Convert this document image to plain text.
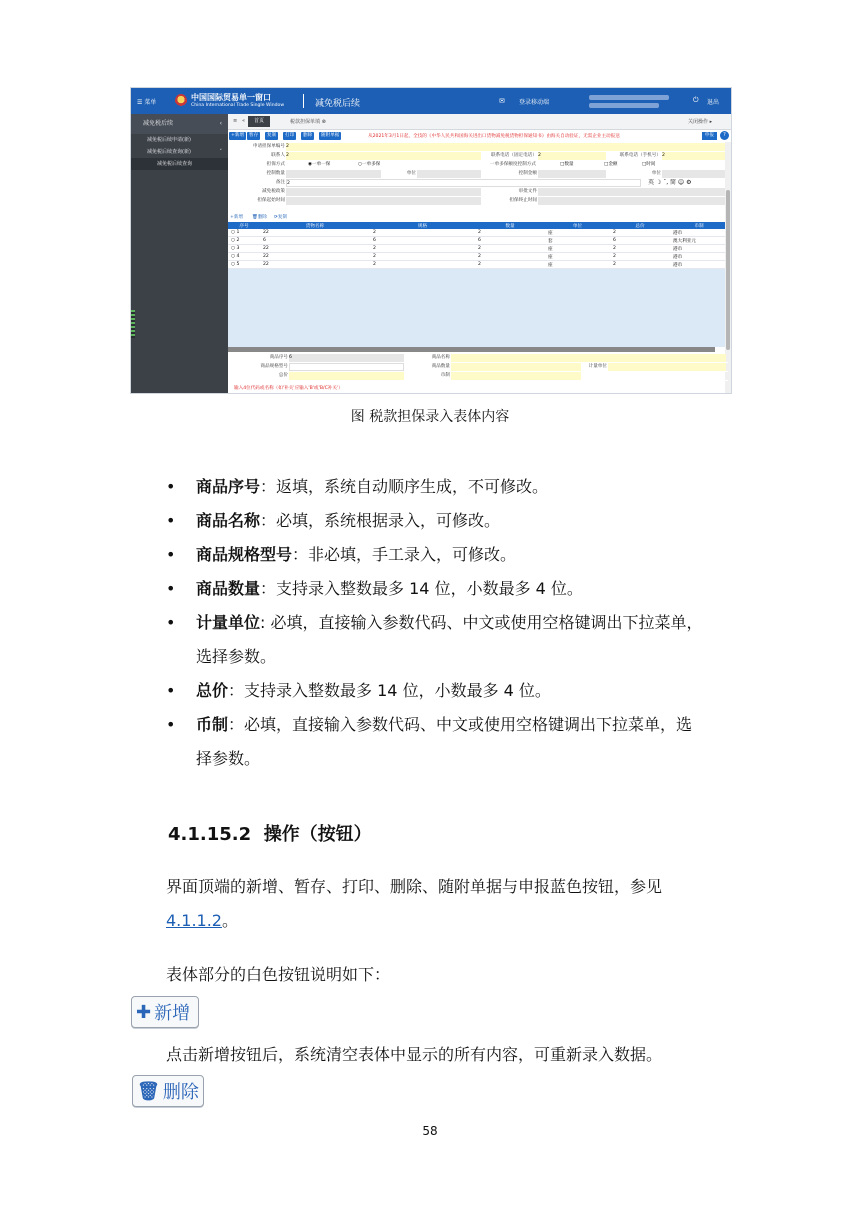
☰ 菜单
中国国际贸易单一窗口
China International Trade Single Window	减免税后续	✉ 登录移动端	⏻ 退出
减免税后续	‹
减免税后续申请(新)
减免税后续查询(新)	˅
减免税后续查询
≡ «	首页	税款担保单填 ⊗	关闭操作 ▸
+新增	暂存	复制	打印	删除	随附单据	从2021年3月1日起，全技的《中华人民共和国海关进出口货物减免税货物担保通知书》由海关自动验证，无需企业主动报送	申报	?
申请担保单编号 2
联系人 2	联系电话（固定电话） 2	联系电话（手机号） 2
担保方式	◉一单一保	○一单多保	一单多保额度控制方式	□数量	□金额	□时间
控制数量	单位	控制金额	单位
备注 2	英 ☽ ˚, 简 ☺ ⚙
减免税政策	审批文件
担保起始时间	担保终止时间
+新增 🗑删除 ⟳复制
序号	货物名称	规格	数量	单位	总价	币制
○ 1	22	2	2	座	2	港币
○ 2	6	6	6	套	6	澳大利亚元
○ 3	22	2	2	座	2	港币
○ 4	22	2	2	座	2	港币
○ 5	22	2	2	座	2	港币
商品序号 6	商品名称
商品规格型号	商品数量	计量单位
总价	币制
输入4位代码或名称（如'补关'应输入'B'或'B/C补关'）
图 税款担保录入表体内容
• 商品序号：返填，系统自动顺序生成，不可修改。
• 商品名称：必填，系统根据录入，可修改。
• 商品规格型号：非必填，手工录入，可修改。
• 商品数量：支持录入整数最多 14 位，小数最多 4 位。
• 计量单位: 必填，直接输入参数代码、中文或使用空格键调出下拉菜单，
选择参数。
• 总价：支持录入整数最多 14 位，小数最多 4 位。
• 币制：必填，直接输入参数代码、中文或使用空格键调出下拉菜单，选
择参数。
4.1.15.2 操作（按钮）
界面顶端的新增、暂存、打印、删除、随附单据与申报蓝色按钮，参见
4.1.1.2。
表体部分的白色按钮说明如下：
✚ 新增
点击新增按钮后，系统清空表体中显示的所有内容，可重新录入数据。
🗑 删除
58
